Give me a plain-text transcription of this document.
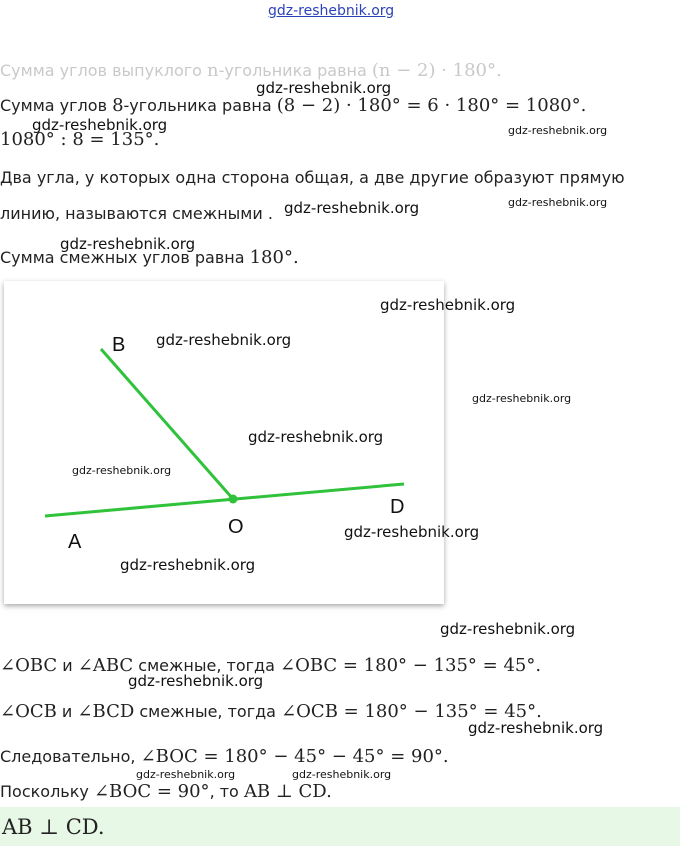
gdz-reshebnik.org
Сумма углов выпуклого n-угольника равна (n − 2) · 180°.
Сумма углов 8-угольника равна (8 − 2) · 180° = 6 · 180° = 1080°.
1080° : 8 = 135°.
Два угла, у которых одна сторона общая, а две другие образуют прямую
линию, называются смежными .
Сумма смежных углов равна 180°.
B
A
O
D
∠OBC и ∠ABC смежные, тогда ∠OBC = 180° − 135° = 45°.
∠OCB и ∠BCD смежные, тогда ∠OCB = 180° − 135° = 45°.
Следовательно, ∠BOC = 180° − 45° − 45° = 90°.
Поскольку ∠BOC = 90°, то AB ⊥ CD.
AB ⊥ CD.
gdz-reshebnik.org
gdz-reshebnik.org	gdz-reshebnik.org
gdz-reshebnik.org	gdz-reshebnik.org
gdz-reshebnik.org
gdz-reshebnik.org
gdz-reshebnik.org
gdz-reshebnik.org
gdz-reshebnik.org
gdz-reshebnik.org
gdz-reshebnik.org
gdz-reshebnik.org
gdz-reshebnik.org
gdz-reshebnik.org
gdz-reshebnik.org
gdz-reshebnik.org	gdz-reshebnik.org
